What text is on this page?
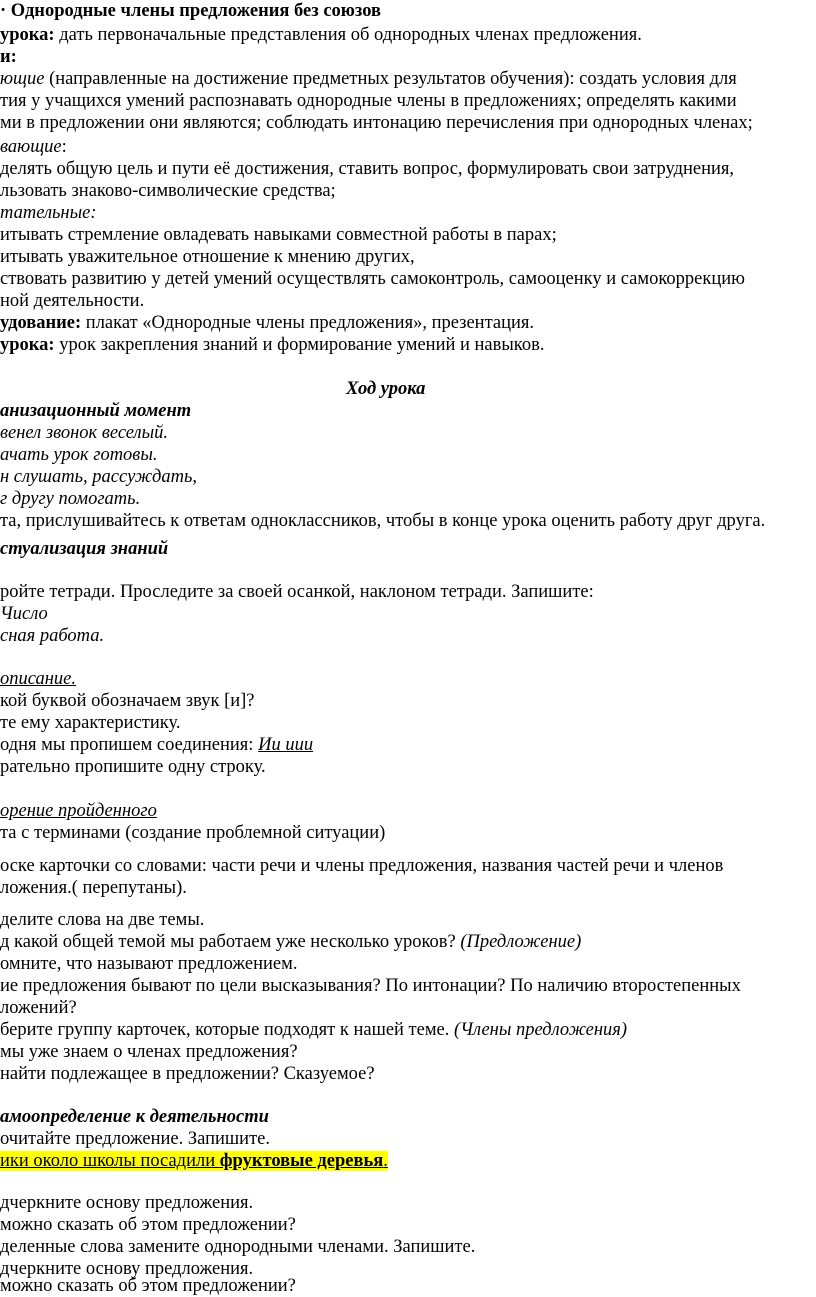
· Однородные члены предложения без союзов
урока: дать первоначальные представления об однородных членах предложения.
и:
ющие (направленные на достижение предметных результатов обучения): создать условия для
тия у учащихся умений распознавать однородные члены в предложениях; определять какими
ми в предложении они являются; соблюдать интонацию перечисления при однородных членах;
вающие:
делять общую цель и пути её достижения, ставить вопрос, формулировать свои затруднения,
льзовать знаково-символические средства;
тательные:
итывать стремление овладевать навыками совместной работы в парах;
итывать уважительное отношение к мнению других,
ствовать развитию у детей умений осуществлять самоконтроль, самооценку и самокоррекцию
ной деятельности.
удование: плакат «Однородные члены предложения», презентация.
урока: урок закрепления знаний и формирование умений и навыков.
Ход урока
анизационный момент
венел звонок веселый.
ачать урок готовы.
н слушать, рассуждать,
г другу помогать.
та, прислушивайтесь к ответам одноклассников, чтобы в конце урока оценить работу друг друга.
стуализация знаний
ройте тетради. Проследите за своей осанкой, наклоном тетради. Запишите:
Число
сная работа.
описание.
кой буквой обозначаем звук [и]?
те ему характеристику.
одня мы пропишем соединения: Ии иии
рательно пропишите одну строку.
орение пройденного
та с терминами (создание проблемной ситуации)
оске карточки со словами: части речи и члены предложения, названия частей речи и членов
ложения.( перепутаны).
делите слова на две темы.
д какой общей темой мы работаем уже несколько уроков? (Предложение)
омните, что называют предложением.
ие предложения бывают по цели высказывания? По интонации? По наличию второстепенных
ложений?
берите группу карточек, которые подходят к нашей теме. (Члены предложения)
мы уже знаем о членах предложения?
найти подлежащее в предложении? Сказуемое?
амоопределение к деятельности
очитайте предложение. Запишите.
ики около школы посадили фруктовые деревья.
дчеркните основу предложения.
можно сказать об этом предложении?
деленные слова замените однородными членами. Запишите.
дчеркните основу предложения.
можно сказать об этом предложении?
